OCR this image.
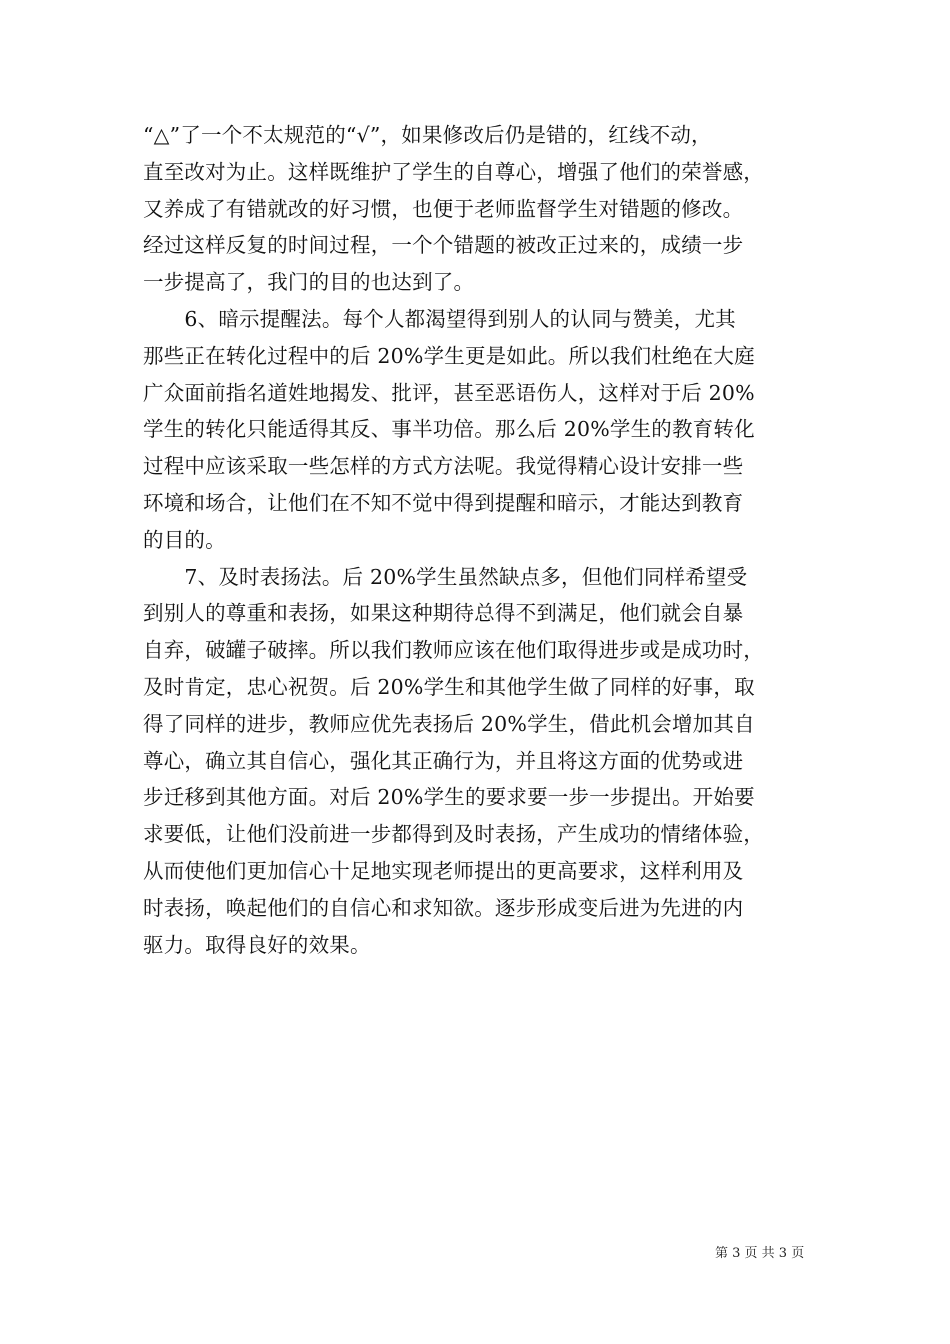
“△”了一个不太规范的“√”，如果修改后仍是错的，红线不动，
直至改对为止。这样既维护了学生的自尊心，增强了他们的荣誉感，
又养成了有错就改的好习惯，也便于老师监督学生对错题的修改。
经过这样反复的时间过程，一个个错题的被改正过来的，成绩一步
一步提高了，我门的目的也达到了。
　　6、暗示提醒法。每个人都渴望得到别人的认同与赞美，尤其
那些正在转化过程中的后 20%学生更是如此。所以我们杜绝在大庭
广众面前指名道姓地揭发、批评，甚至恶语伤人，这样对于后 20%
学生的转化只能适得其反、事半功倍。那么后 20%学生的教育转化
过程中应该采取一些怎样的方式方法呢。我觉得精心设计安排一些
环境和场合，让他们在不知不觉中得到提醒和暗示，才能达到教育
的目的。
　　7、及时表扬法。后 20%学生虽然缺点多，但他们同样希望受
到别人的尊重和表扬，如果这种期待总得不到满足，他们就会自暴
自弃，破罐子破摔。所以我们教师应该在他们取得进步或是成功时，
及时肯定，忠心祝贺。后 20%学生和其他学生做了同样的好事，取
得了同样的进步，教师应优先表扬后 20%学生，借此机会增加其自
尊心，确立其自信心，强化其正确行为，并且将这方面的优势或进
步迁移到其他方面。对后 20%学生的要求要一步一步提出。开始要
求要低，让他们没前进一步都得到及时表扬，产生成功的情绪体验，
从而使他们更加信心十足地实现老师提出的更高要求，这样利用及
时表扬，唤起他们的自信心和求知欲。逐步形成变后进为先进的内
驱力。取得良好的效果。
第 3 页 共 3 页
